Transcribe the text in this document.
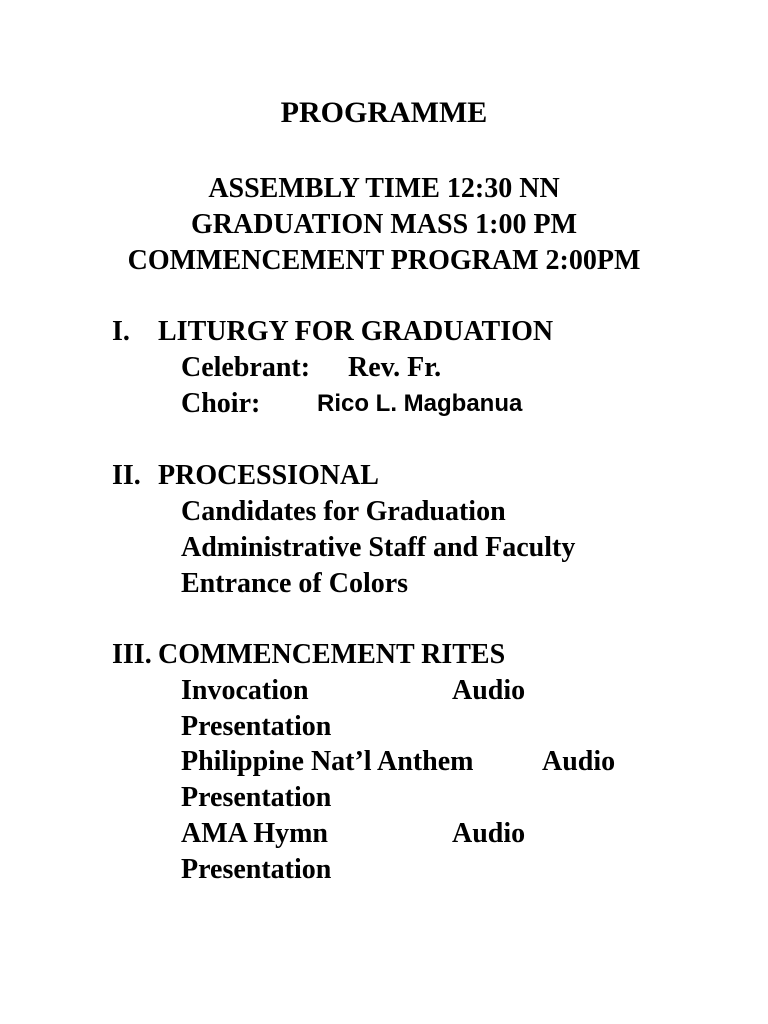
PROGRAMME
ASSEMBLY TIME 12:30 NN
GRADUATION MASS 1:00 PM
COMMENCEMENT PROGRAM 2:00PM
I. LITURGY FOR GRADUATION
Celebrant: Rev. Fr.
Choir: Rico L. Magbanua
II. PROCESSIONAL
Candidates for Graduation
Administrative Staff and Faculty
Entrance of Colors
III. COMMENCEMENT RITES
Invocation	Audio
Presentation
Philippine Nat’l Anthem Audio
Presentation
AMA Hymn	Audio
Presentation
